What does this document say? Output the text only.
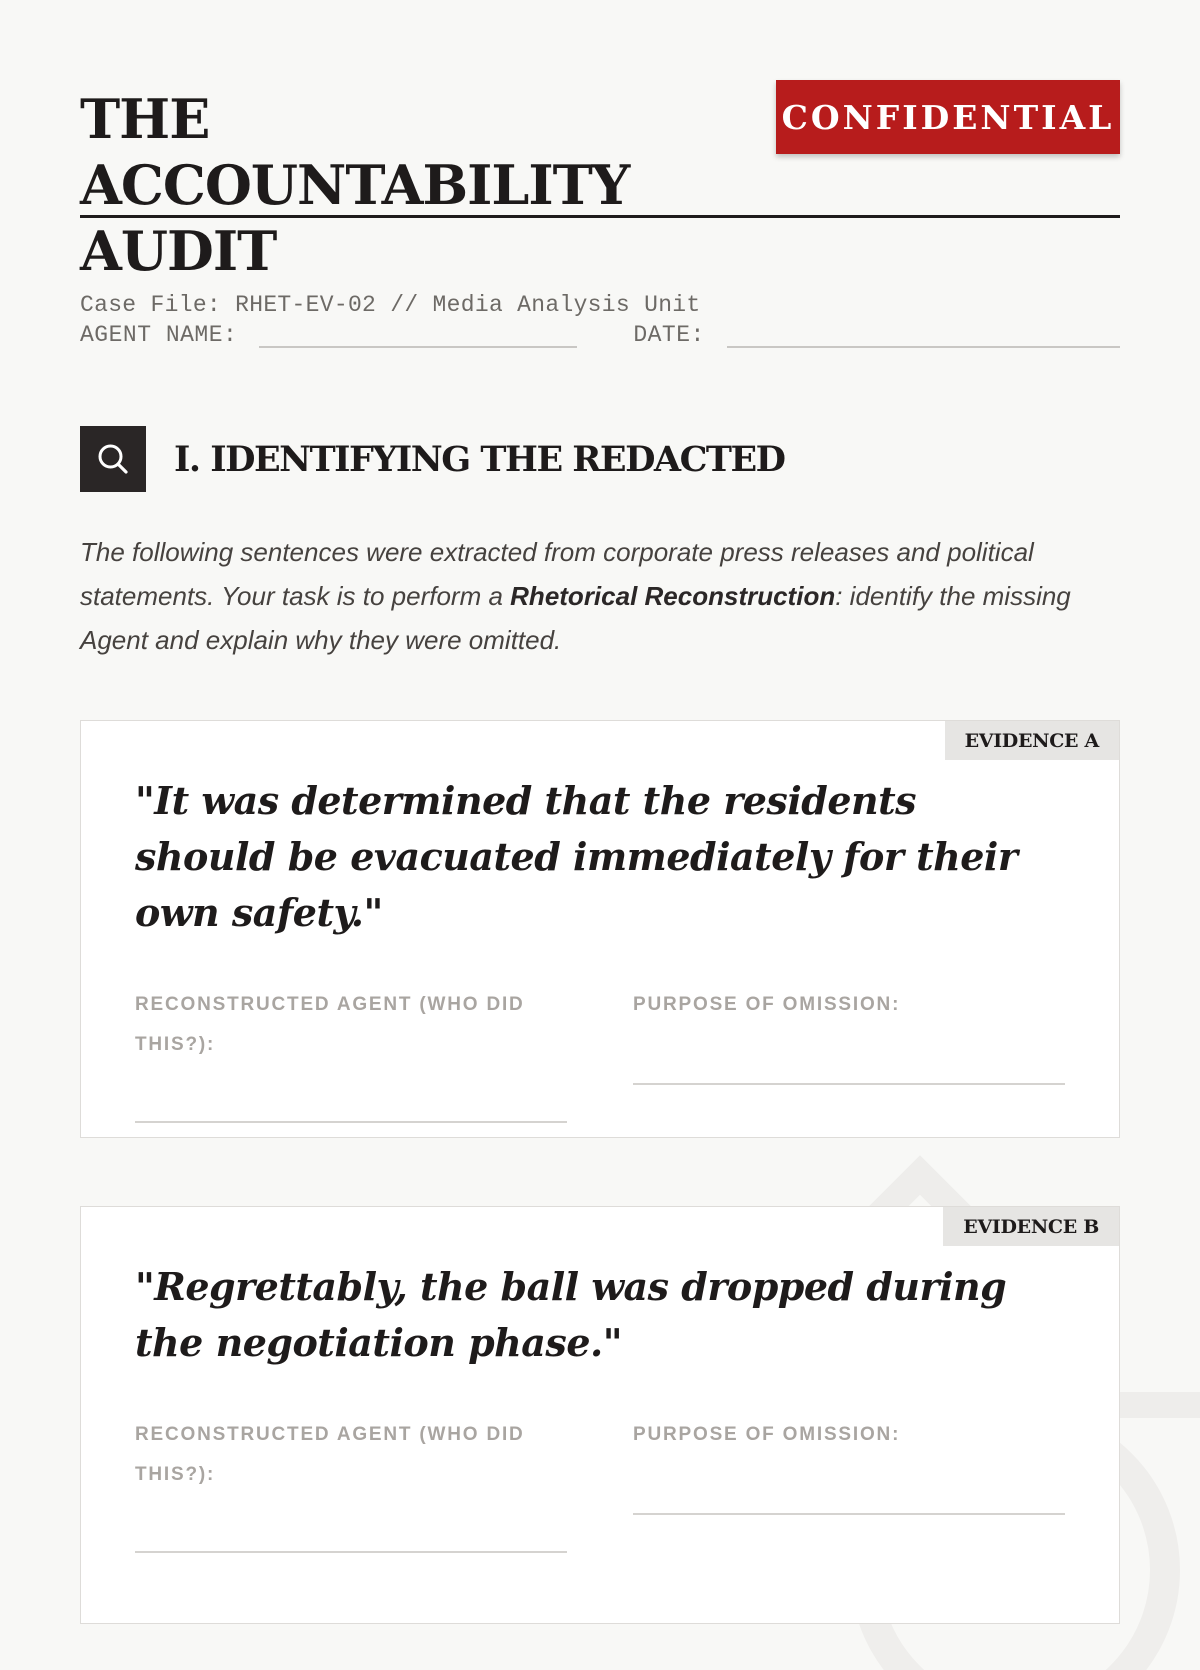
THE ACCOUNTABILITY AUDIT
Case File: RHET-EV-02 // Media Analysis Unit
CONFIDENTIAL
AGENT NAME:	DATE:
I. IDENTIFYING THE REDACTED

The following sentences were extracted from corporate press releases and political statements. Your task is to perform a Rhetorical Reconstruction: identify the missing Agent and explain why they were omitted.

EVIDENCE A

"It was determined that the residents should be evacuated immediately for their own safety."

RECONSTRUCTED AGENT (WHO DID THIS?):
PURPOSE OF OMISSION:
EVIDENCE B

"Regrettably, the ball was dropped during the negotiation phase."

RECONSTRUCTED AGENT (WHO DID THIS?):
PURPOSE OF OMISSION:
